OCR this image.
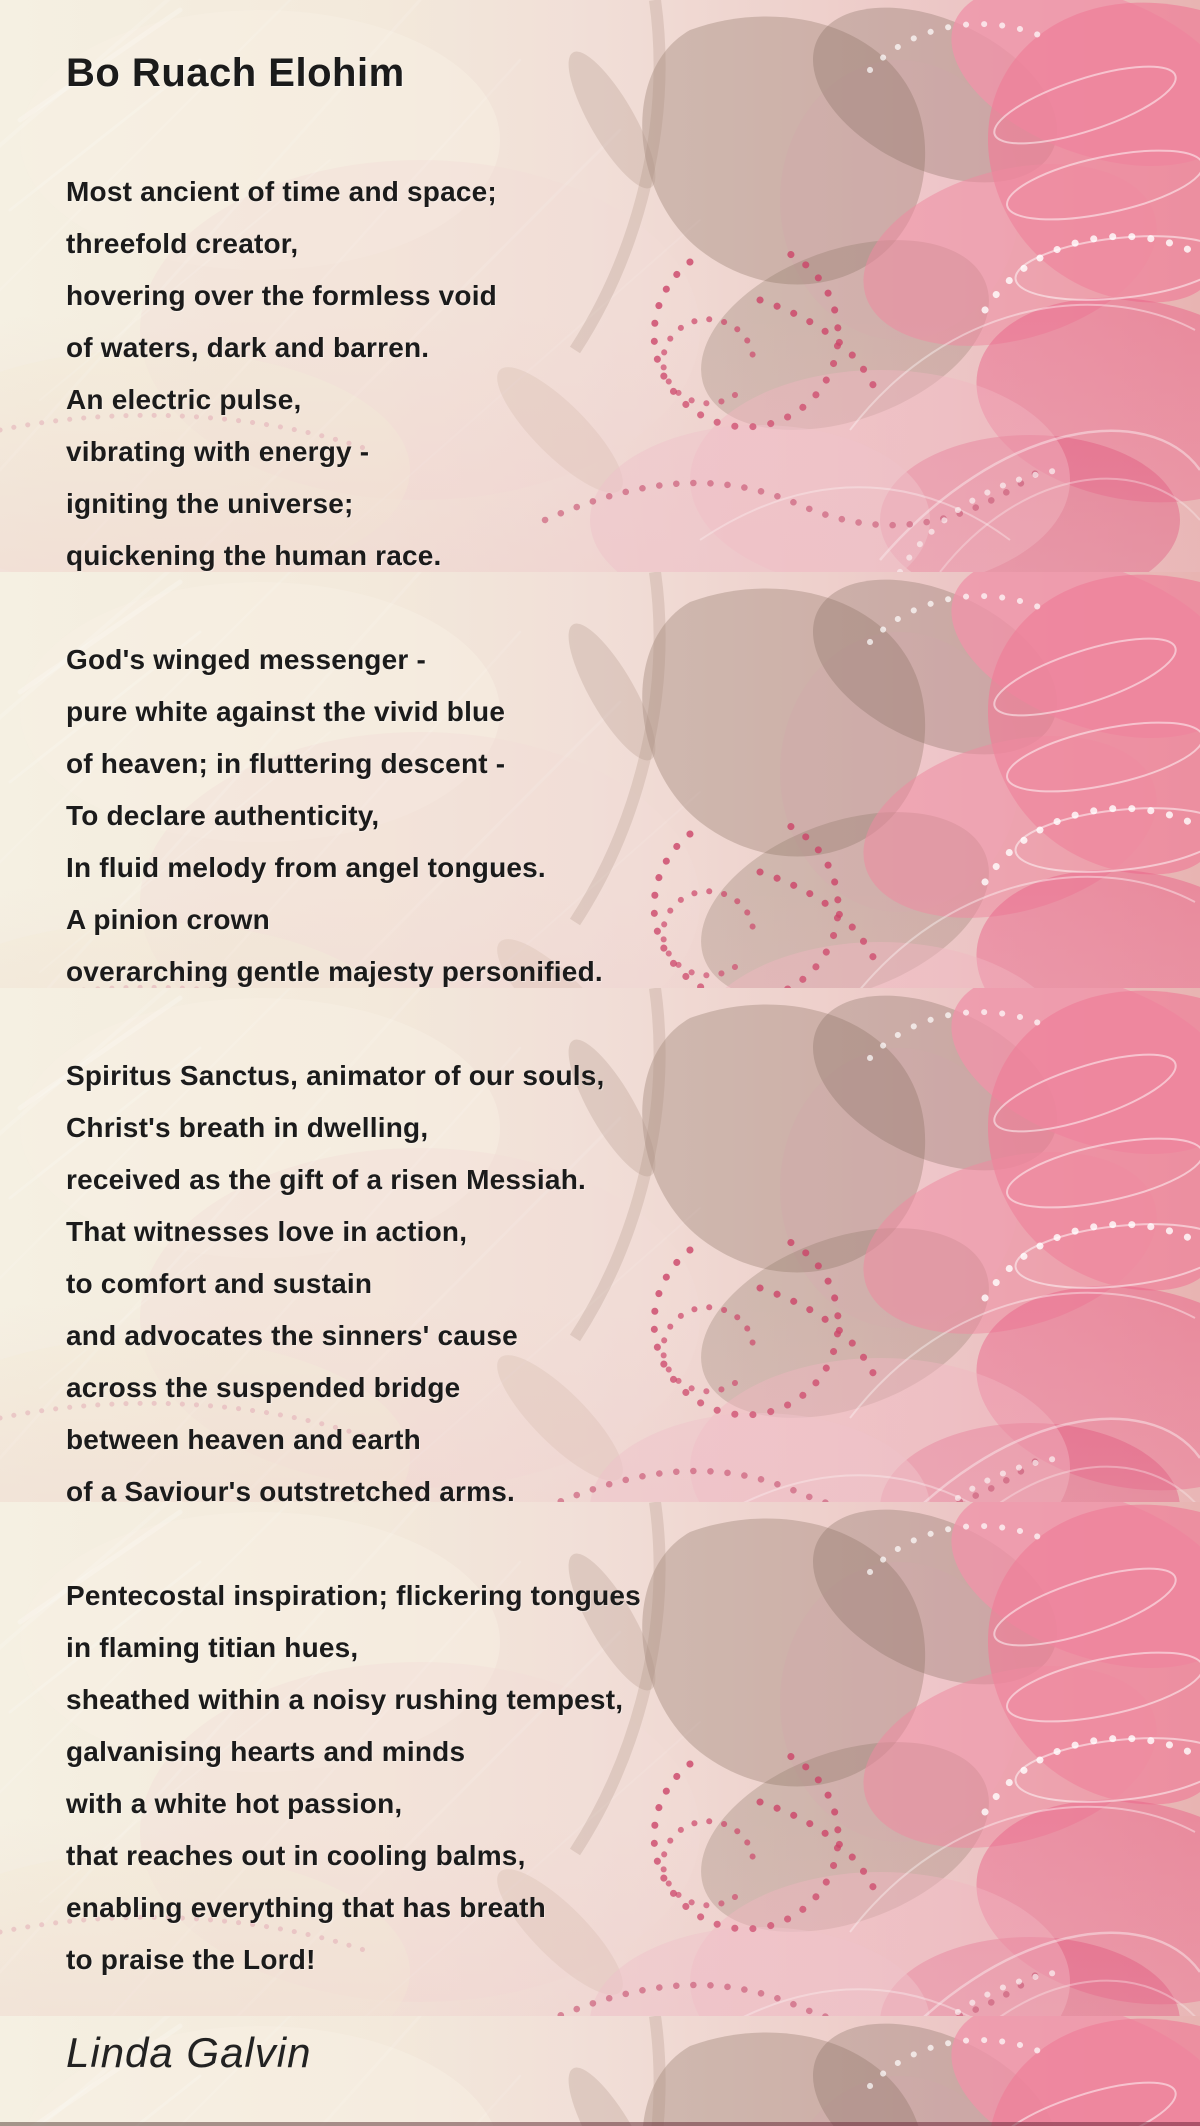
Bo Ruach Elohim
Most ancient of time and space;
threefold creator,
hovering over the formless void
of waters, dark and barren.
An electric pulse,
vibrating with energy -
igniting the universe;
quickening the human race.
God's winged messenger -
pure white against the vivid blue
of heaven; in fluttering descent -
To declare authenticity,
In fluid melody from angel tongues.
A pinion crown
overarching gentle majesty personified.
Spiritus Sanctus, animator of our souls,
Christ's breath in dwelling,
received as the gift of a risen Messiah.
That witnesses love in action,
to comfort and sustain
and advocates the sinners' cause
across the suspended bridge
between heaven and earth
of a Saviour's outstretched arms.
Pentecostal inspiration; flickering tongues
in flaming titian hues,
sheathed within a noisy rushing tempest,
galvanising hearts and minds
with a white hot passion,
that reaches out in cooling balms,
enabling everything that has breath
to praise the Lord!
Linda Galvin
